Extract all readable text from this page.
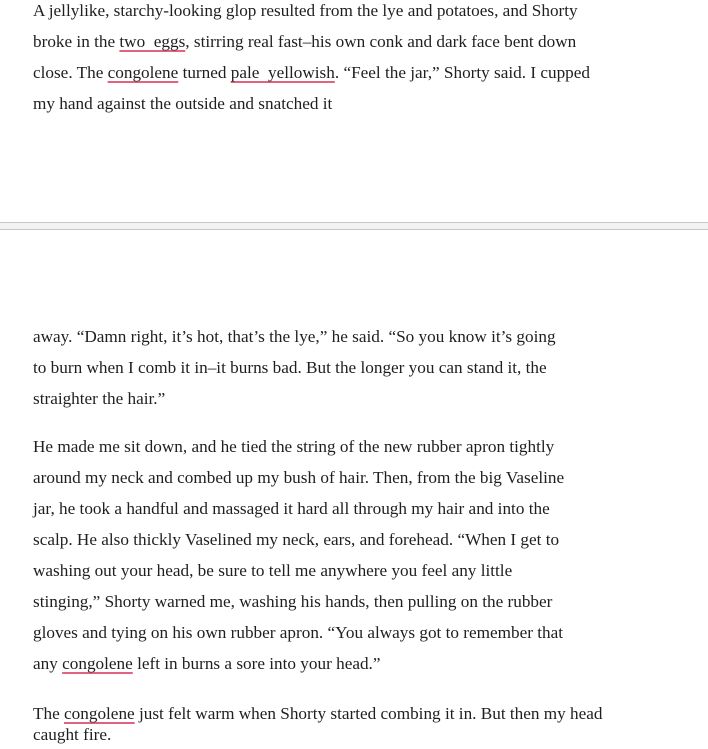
A jellylike, starchy-looking glop resulted from the lye and potatoes, and Shorty
broke in the two  eggs, stirring real fast–his own conk and dark face bent down
close. The congolene turned pale  yellowish. “Feel the jar,” Shorty said. I cupped
my hand against the outside and snatched it

away. “Damn right, it’s hot, that’s the lye,” he said. “So you know it’s going
to burn when I comb it in–it burns bad. But the longer you can stand it, the
straighter the hair.”

He made me sit down, and he tied the string of the new rubber apron tightly
around my neck and combed up my bush of hair. Then, from the big Vaseline
jar, he took a handful and massaged it hard all through my hair and into the
scalp. He also thickly Vaselined my neck, ears, and forehead. “When I get to
washing out your head, be sure to tell me anywhere you feel any little
stinging,” Shorty warned me, washing his hands, then pulling on the rubber
gloves and tying on his own rubber apron. “You always got to remember that
any congolene left in burns a sore into your head.”

The congolene just felt warm when Shorty started combing it in. But then my head
caught fire.
